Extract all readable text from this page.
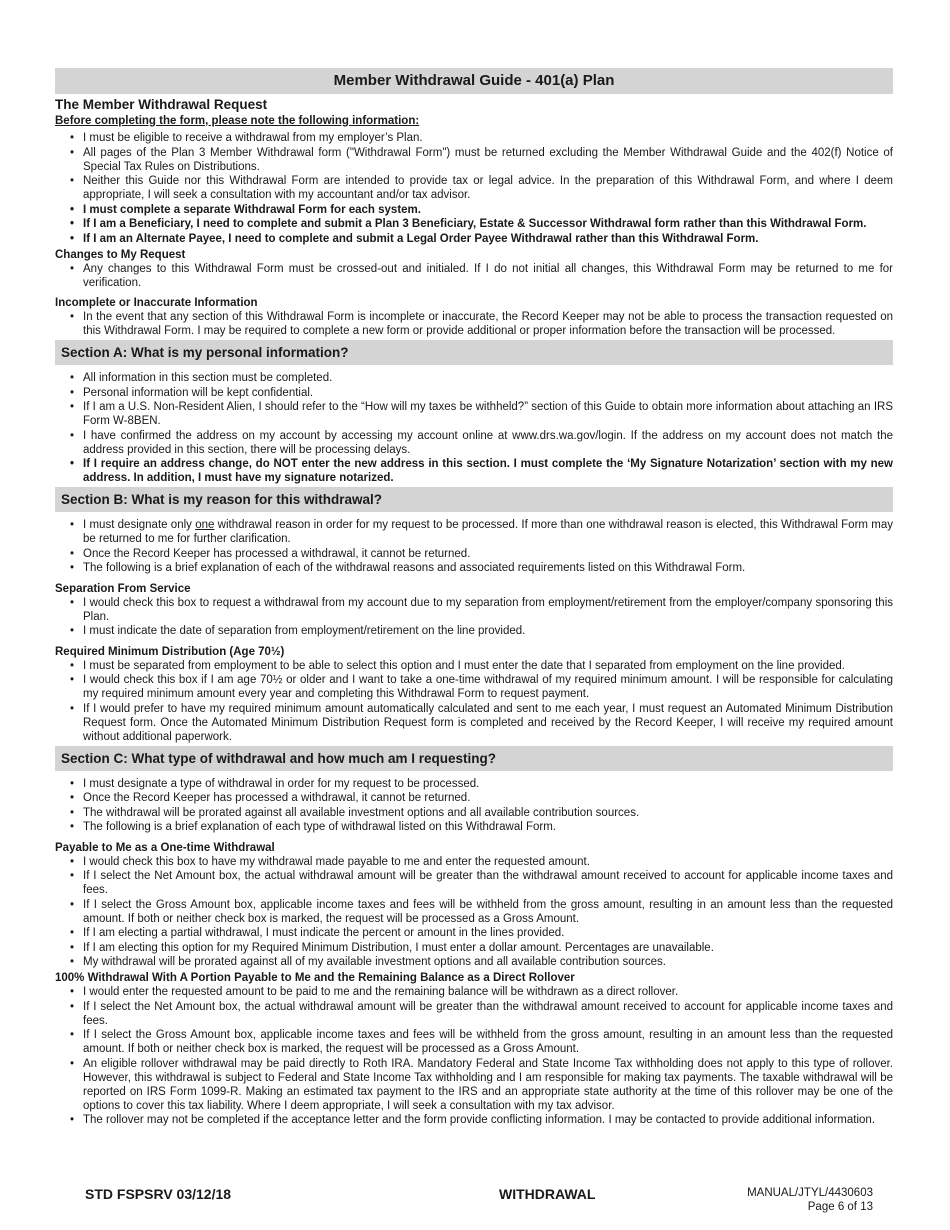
Member Withdrawal Guide - 401(a) Plan
The Member Withdrawal Request
Before completing the form, please note the following information:
• I must be eligible to receive a withdrawal from my employer’s Plan.
• All pages of the Plan 3 Member Withdrawal form ("Withdrawal Form") must be returned excluding the Member Withdrawal Guide and the 402(f) Notice of Special Tax Rules on Distributions.
• Neither this Guide nor this Withdrawal Form are intended to provide tax or legal advice. In the preparation of this Withdrawal Form, and where I deem appropriate, I will seek a consultation with my accountant and/or tax advisor.
• I must complete a separate Withdrawal Form for each system.
• If I am a Beneficiary, I need to complete and submit a Plan 3 Beneficiary, Estate & Successor Withdrawal form rather than this Withdrawal Form.
• If I am an Alternate Payee, I need to complete and submit a Legal Order Payee Withdrawal rather than this Withdrawal Form.
Changes to My Request
• Any changes to this Withdrawal Form must be crossed-out and initialed. If I do not initial all changes, this Withdrawal Form may be returned to me for verification.
Incomplete or Inaccurate Information
• In the event that any section of this Withdrawal Form is incomplete or inaccurate, the Record Keeper may not be able to process the transaction requested on this Withdrawal Form. I may be required to complete a new form or provide additional or proper information before the transaction will be processed.
Section A: What is my personal information?
• All information in this section must be completed.
• Personal information will be kept confidential.
• If I am a U.S. Non-Resident Alien, I should refer to the “How will my taxes be withheld?” section of this Guide to obtain more information about attaching an IRS Form W-8BEN.
• I have confirmed the address on my account by accessing my account online at www.drs.wa.gov/login. If the address on my account does not match the address provided in this section, there will be processing delays.
• If I require an address change, do NOT enter the new address in this section. I must complete the ‘My Signature Notarization’ section with my new address. In addition, I must have my signature notarized.
Section B: What is my reason for this withdrawal?
• I must designate only one withdrawal reason in order for my request to be processed. If more than one withdrawal reason is elected, this Withdrawal Form may be returned to me for further clarification.
• Once the Record Keeper has processed a withdrawal, it cannot be returned.
• The following is a brief explanation of each of the withdrawal reasons and associated requirements listed on this Withdrawal Form.
Separation From Service
• I would check this box to request a withdrawal from my account due to my separation from employment/retirement from the employer/company sponsoring this Plan.
• I must indicate the date of separation from employment/retirement on the line provided.
Required Minimum Distribution (Age 70½)
• I must be separated from employment to be able to select this option and I must enter the date that I separated from employment on the line provided.
• I would check this box if I am age 70½ or older and I want to take a one-time withdrawal of my required minimum amount. I will be responsible for calculating my required minimum amount every year and completing this Withdrawal Form to request payment.
• If I would prefer to have my required minimum amount automatically calculated and sent to me each year, I must request an Automated Minimum Distribution Request form. Once the Automated Minimum Distribution Request form is completed and received by the Record Keeper, I will receive my required amount without additional paperwork.
Section C: What type of withdrawal and how much am I requesting?
• I must designate a type of withdrawal in order for my request to be processed.
• Once the Record Keeper has processed a withdrawal, it cannot be returned.
• The withdrawal will be prorated against all available investment options and all available contribution sources.
• The following is a brief explanation of each type of withdrawal listed on this Withdrawal Form.
Payable to Me as a One-time Withdrawal
• I would check this box to have my withdrawal made payable to me and enter the requested amount.
• If I select the Net Amount box, the actual withdrawal amount will be greater than the withdrawal amount received to account for applicable income taxes and fees.
• If I select the Gross Amount box, applicable income taxes and fees will be withheld from the gross amount, resulting in an amount less than the requested amount. If both or neither check box is marked, the request will be processed as a Gross Amount.
• If I am electing a partial withdrawal, I must indicate the percent or amount in the lines provided.
• If I am electing this option for my Required Minimum Distribution, I must enter a dollar amount. Percentages are unavailable.
• My withdrawal will be prorated against all of my available investment options and all available contribution sources.
100% Withdrawal With A Portion Payable to Me and the Remaining Balance as a Direct Rollover
• I would enter the requested amount to be paid to me and the remaining balance will be withdrawn as a direct rollover.
• If I select the Net Amount box, the actual withdrawal amount will be greater than the withdrawal amount received to account for applicable income taxes and fees.
• If I select the Gross Amount box, applicable income taxes and fees will be withheld from the gross amount, resulting in an amount less than the requested amount. If both or neither check box is marked, the request will be processed as a Gross Amount.
• An eligible rollover withdrawal may be paid directly to Roth IRA. Mandatory Federal and State Income Tax withholding does not apply to this type of rollover. However, this withdrawal is subject to Federal and State Income Tax withholding and I am responsible for making tax payments. The taxable withdrawal will be reported on IRS Form 1099-R. Making an estimated tax payment to the IRS and an appropriate state authority at the time of this rollover may be one of the options to cover this tax liability. Where I deem appropriate, I will seek a consultation with my tax advisor.
• The rollover may not be completed if the acceptance letter and the form provide conflicting information. I may be contacted to provide additional information.
STD FSPSRV 03/12/18	WITHDRAWAL	MANUAL/JTYL/4430603
Page 6 of 13
